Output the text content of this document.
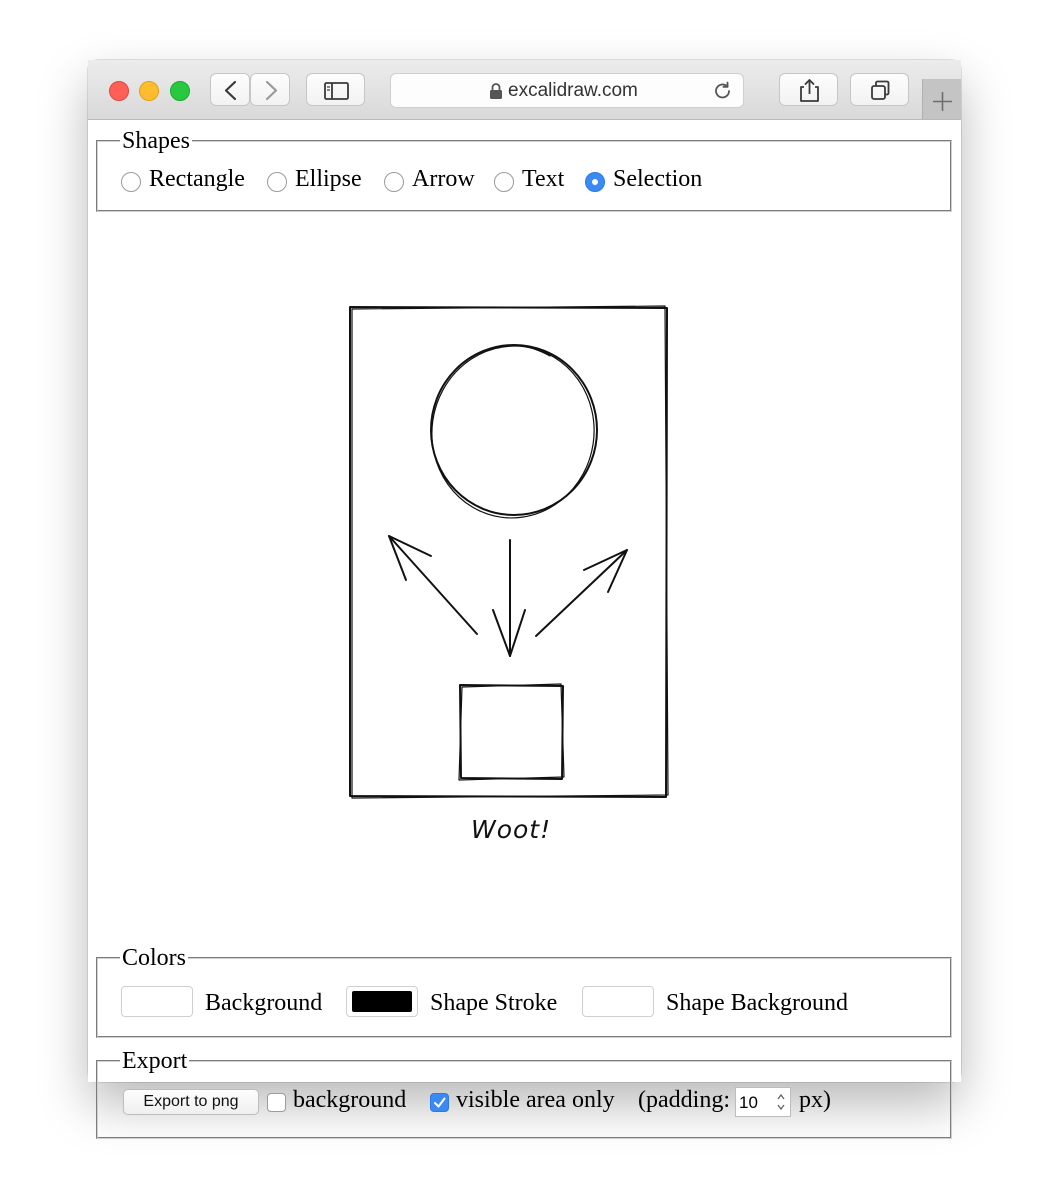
excalidraw.com
Shapes
Rectangle Ellipse Arrow Text Selection
Woot!
Colors
Background	Shape Stroke	Shape Background
Export
Export to png	background visible area only (padding: 10 px)
